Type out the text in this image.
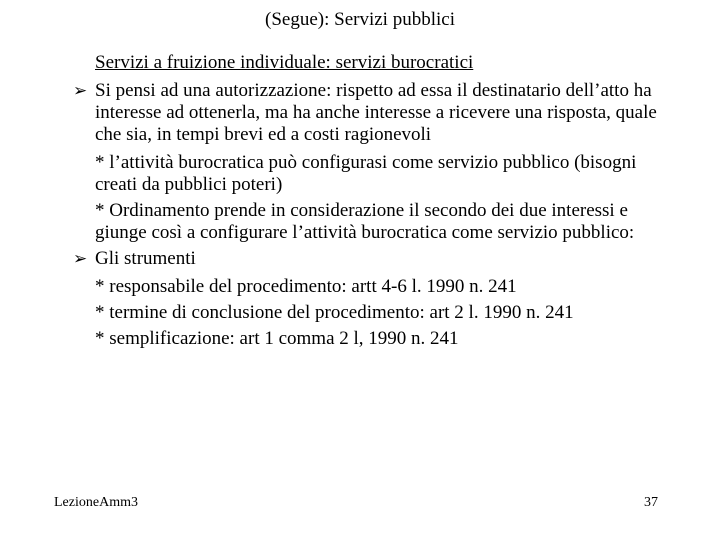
(Segue): Servizi pubblici

Servizi a fruizione individuale: servizi burocratici

➢ Si pensi ad una autorizzazione: rispetto ad essa il destinatario dell’atto ha interesse ad ottenerla, ma ha anche interesse a ricevere una risposta, quale che sia, in tempi brevi ed a costi ragionevoli

* l’attività burocratica può configurasi come servizio pubblico (bisogni creati da pubblici poteri)

* Ordinamento prende in considerazione il secondo dei due interessi e giunge così a configurare l’attività burocratica come servizio pubblico:

➢ Gli strumenti

* responsabile del procedimento: artt 4-6 l. 1990 n. 241

* termine di conclusione del procedimento: art 2 l. 1990 n. 241

* semplificazione: art 1 comma 2 l, 1990 n. 241

LezioneAmm3	37
